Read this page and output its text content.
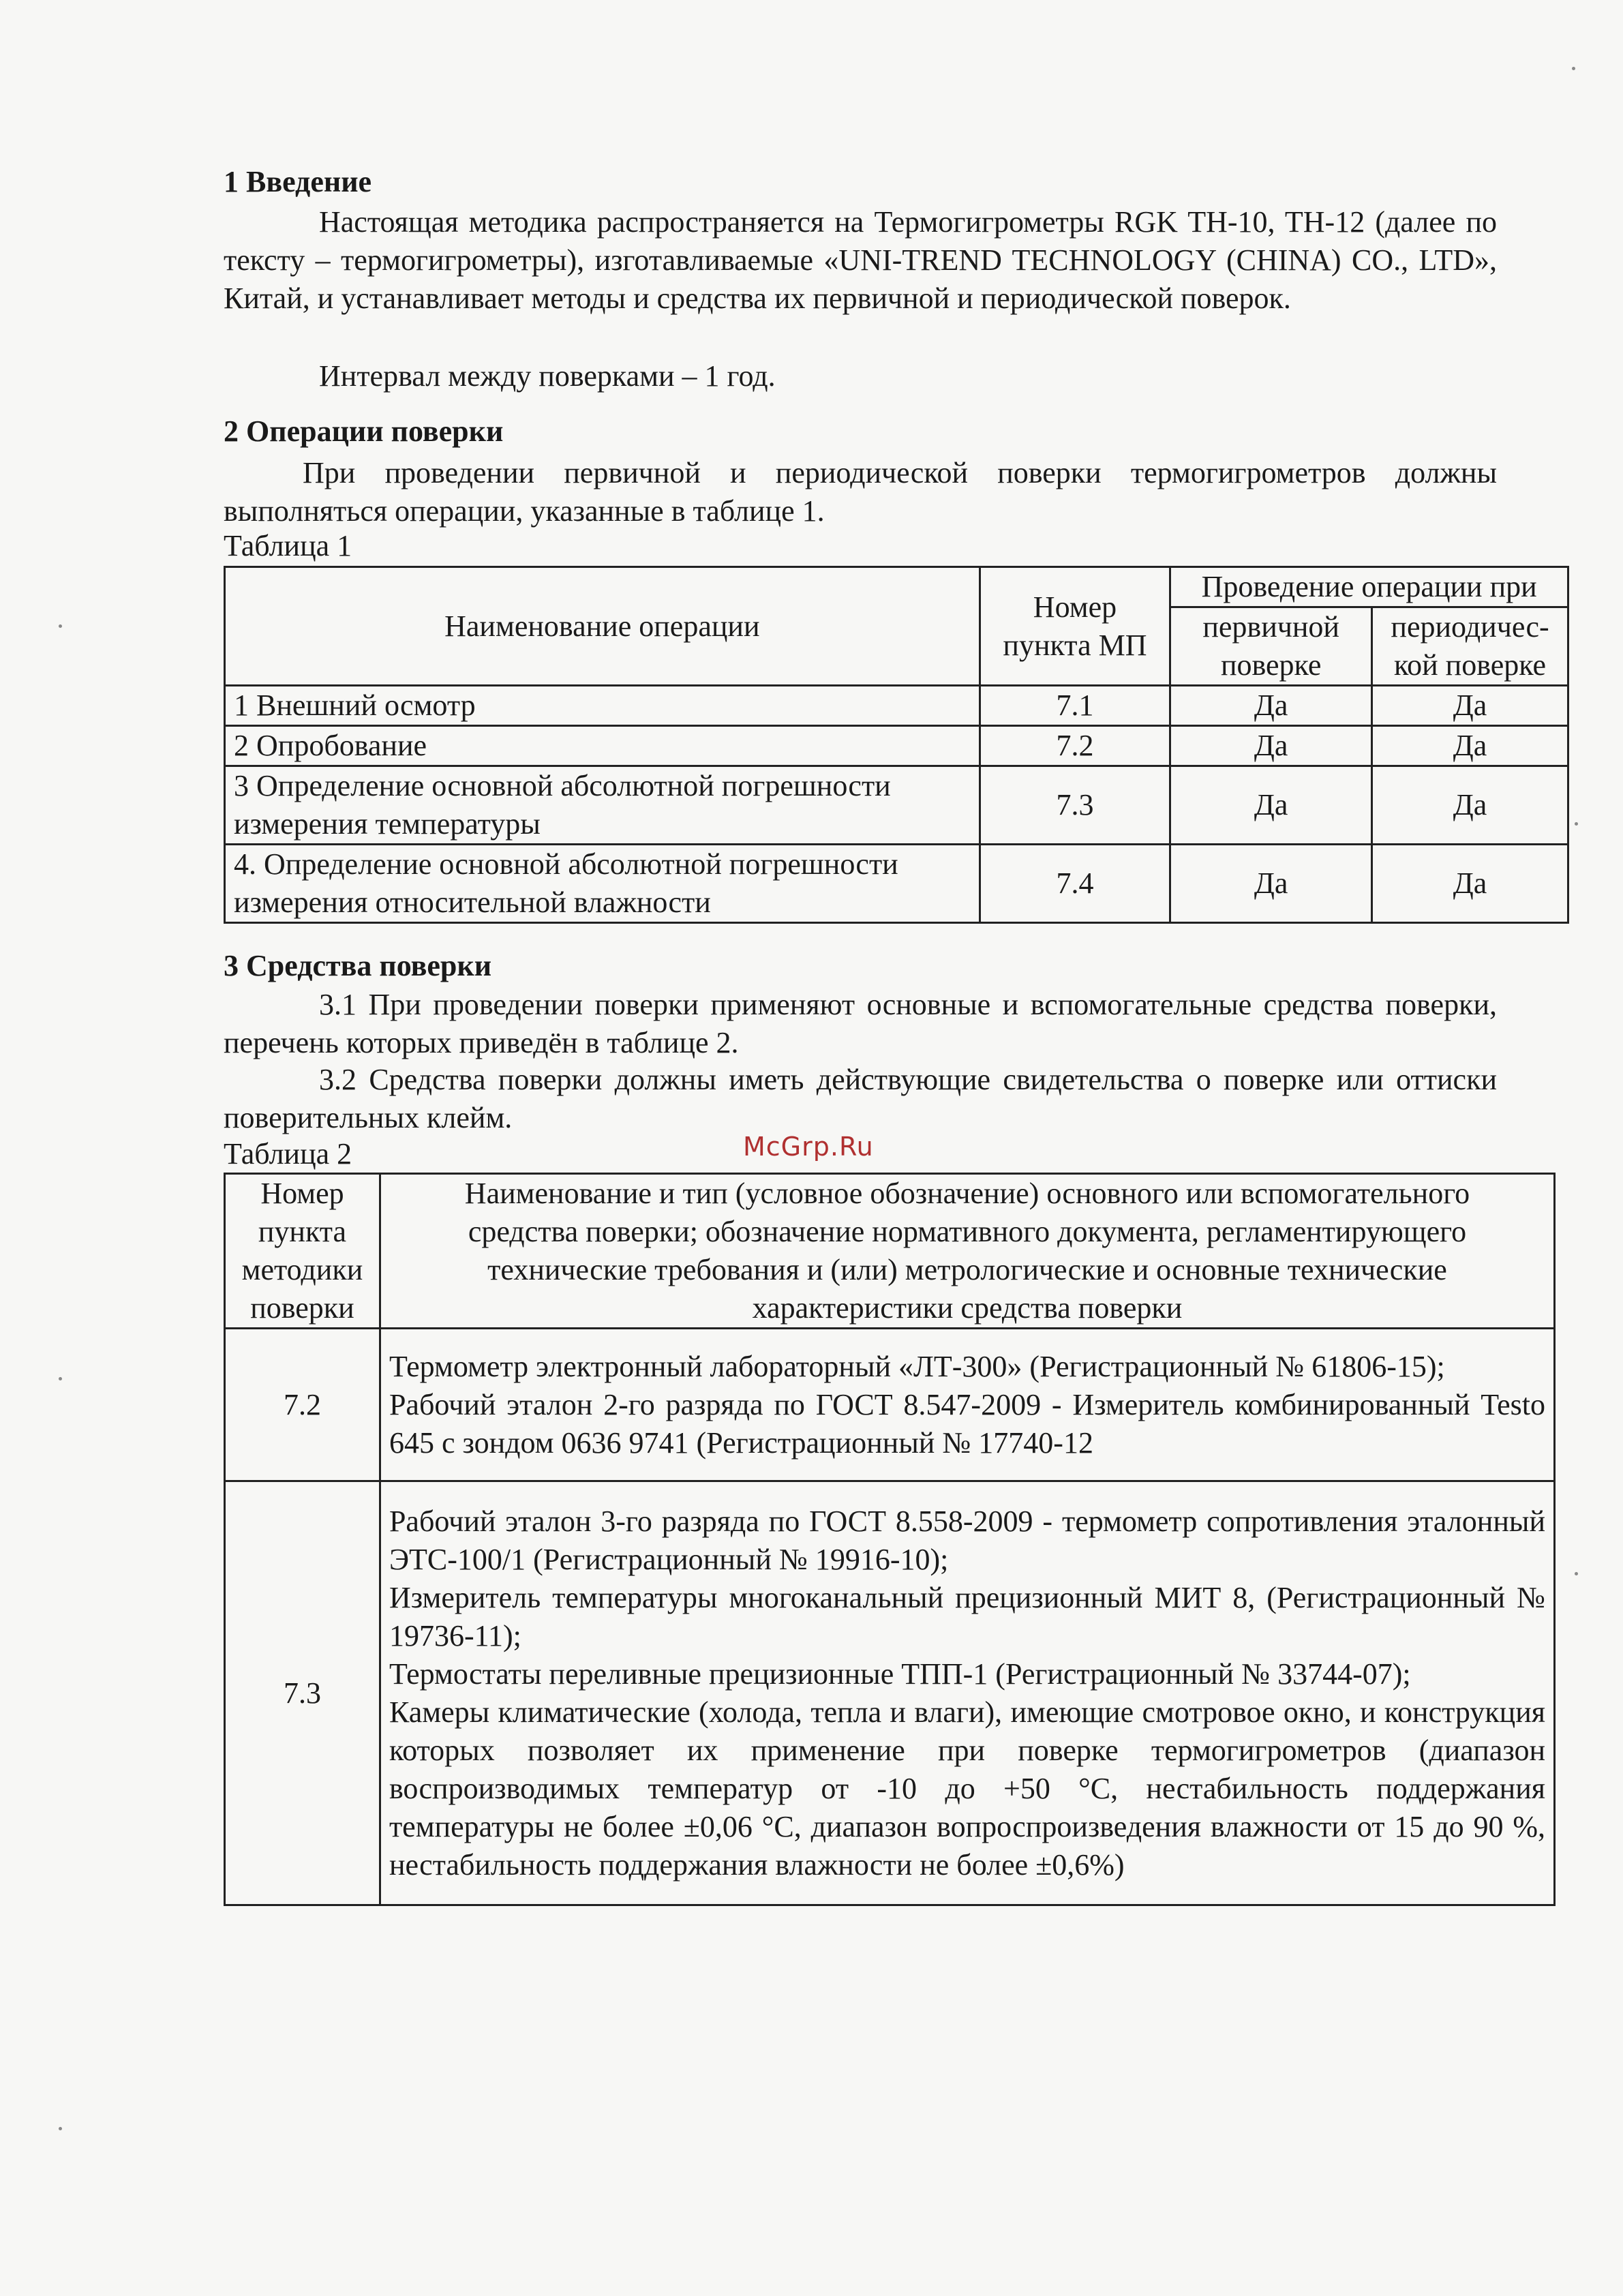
McGrp.Ru
1 Введение
Настоящая методика распространяется на Термогигрометры RGK TH-10, TH-12 (далее по тексту – термогигрометры), изготавливаемые «UNI-TREND TECHNOLOGY (CHINA) CO., LTD», Китай, и устанавливает методы и средства их первичной и периодической поверок.
Интервал между поверками – 1 год.
2 Операции поверки
При проведении первичной и периодической поверки термогигрометров должны выполняться операции, указанные в таблице 1.
Таблица 1
Наименование операции	Номер пункта МП	Проведение операции при	
		первичной поверке	периодичес-кой поверке
1 Внешний осмотр	7.1	Да	Да
2 Опробование	7.2	Да	Да
3 Определение основной абсолютной погрешности измерения температуры	7.3	Да	Да
4. Определение основной абсолютной погрешности измерения относительной влажности	7.4	Да	Да
3 Средства поверки
3.1 При проведении поверки применяют основные и вспомогательные средства поверки, перечень которых приведён в таблице 2.
3.2 Средства поверки должны иметь действующие свидетельства о поверке или оттиски поверительных клейм.
Таблица 2
Номер пункта методики поверки	Наименование и тип (условное обозначение) основного или вспомогательного средства поверки; обозначение нормативного документа, регламентирующего технические требования и (или) метрологические и основные технические характеристики средства поверки
7.2	Термометр электронный лабораторный «ЛТ-300» (Регистрационный № 61806-15);
Рабочий эталон 2-го разряда по ГОСТ 8.547-2009 - Измеритель комбинированный Testo 645 с зондом 0636 9741 (Регистрационный № 17740-12

7.3	Рабочий эталон 3-го разряда по ГОСТ 8.558-2009 - термометр сопротивления эталонный ЭТС-100/1 (Регистрационный № 19916-10);
Измеритель температуры многоканальный прецизионный МИТ 8, (Регистрационный № 19736-11);
Термостаты переливные прецизионные ТПП-1 (Регистрационный № 33744-07);
Камеры климатические (холода, тепла и влаги), имеющие смотровое окно, и конструкция которых позволяет их применение при поверке термогигрометров (диапазон воспроизводимых температур от -10 до +50 °С, нестабильность поддержания температуры не более ±0,06 °С, диапазон вопроспроизведения влажности от 15 до 90 %, нестабильность поддержания влажности не более ±0,6%)
